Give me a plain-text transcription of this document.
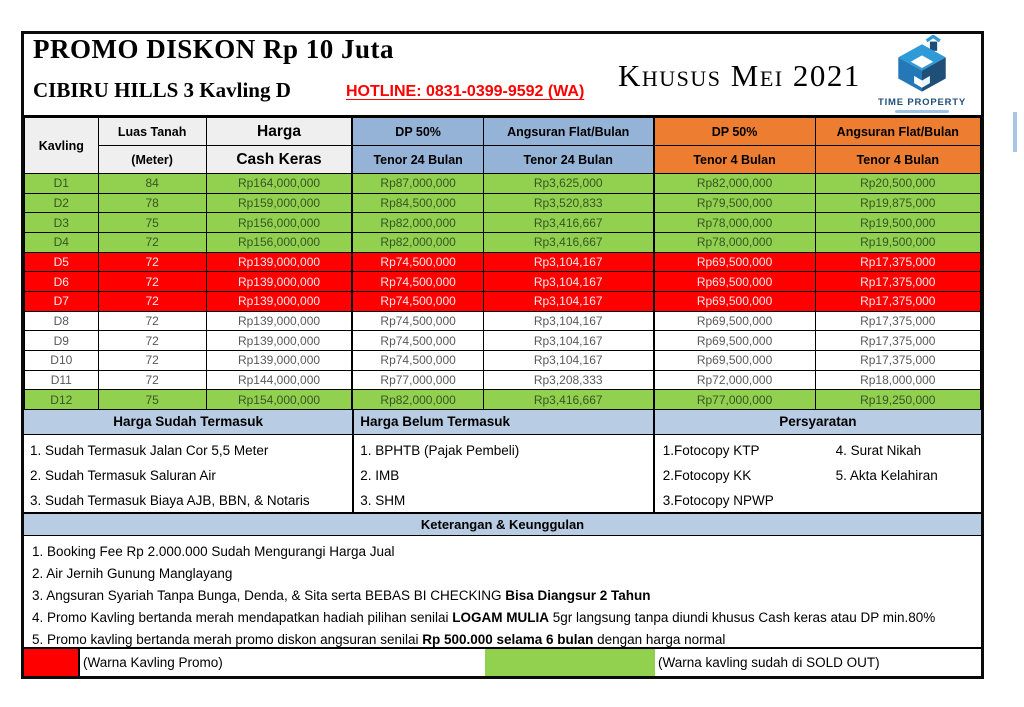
PROMO DISKON Rp 10 Juta
CIBIRU HILLS 3 Kavling D	HOTLINE: 0831-0399-9592 (WA) Khusus Mei 2021
TIME PROPERTY
Kavling	Luas Tanah	Harga	DP 50%	Angsuran Flat/Bulan	DP 50%	Angsuran Flat/Bulan
	(Meter)	Cash Keras	Tenor 24 Bulan	Tenor 24 Bulan	Tenor 4 Bulan	Tenor 4 Bulan
D1	84	Rp164,000,000	Rp87,000,000	Rp3,625,000	Rp82,000,000	Rp20,500,000
D2	78	Rp159,000,000	Rp84,500,000	Rp3,520,833	Rp79,500,000	Rp19,875,000
D3	75	Rp156,000,000	Rp82,000,000	Rp3,416,667	Rp78,000,000	Rp19,500,000
D4	72	Rp156,000,000	Rp82,000,000	Rp3,416,667	Rp78,000,000	Rp19,500,000
D5	72	Rp139,000,000	Rp74,500,000	Rp3,104,167	Rp69,500,000	Rp17,375,000
D6	72	Rp139,000,000	Rp74,500,000	Rp3,104,167	Rp69,500,000	Rp17,375,000
D7	72	Rp139,000,000	Rp74,500,000	Rp3,104,167	Rp69,500,000	Rp17,375,000
D8	72	Rp139,000,000	Rp74,500,000	Rp3,104,167	Rp69,500,000	Rp17,375,000
D9	72	Rp139,000,000	Rp74,500,000	Rp3,104,167	Rp69,500,000	Rp17,375,000
D10	72	Rp139,000,000	Rp74,500,000	Rp3,104,167	Rp69,500,000	Rp17,375,000
D11	72	Rp144,000,000	Rp77,000,000	Rp3,208,333	Rp72,000,000	Rp18,000,000
D12	75	Rp154,000,000	Rp82,000,000	Rp3,416,667	Rp77,000,000	Rp19,250,000
Harga Sudah Termasuk	Harga Belum Termasuk	Persyaratan
1. Sudah Termasuk Jalan Cor 5,5 Meter
2. Sudah Termasuk Saluran Air
3. Sudah Termasuk Biaya AJB, BBN, & Notaris
1. BPHTB (Pajak Pembeli)
2. IMB
3. SHM
1.Fotocopy KTP
2.Fotocopy KK
3.Fotocopy NPWP
4. Surat Nikah
5. Akta Kelahiran
Keterangan & Keunggulan
1. Booking Fee Rp 2.000.000 Sudah Mengurangi Harga Jual
2. Air Jernih Gunung Manglayang
3. Angsuran Syariah Tanpa Bunga, Denda, & Sita serta BEBAS BI CHECKING Bisa Diangsur 2 Tahun
4. Promo Kavling bertanda merah mendapatkan hadiah pilihan senilai LOGAM MULIA 5gr langsung tanpa diundi khusus Cash keras atau DP min.80%
5. Promo kavling bertanda merah promo diskon angsuran senilai Rp 500.000 selama 6 bulan dengan harga normal
(Warna Kavling Promo)	(Warna kavling sudah di SOLD OUT)
